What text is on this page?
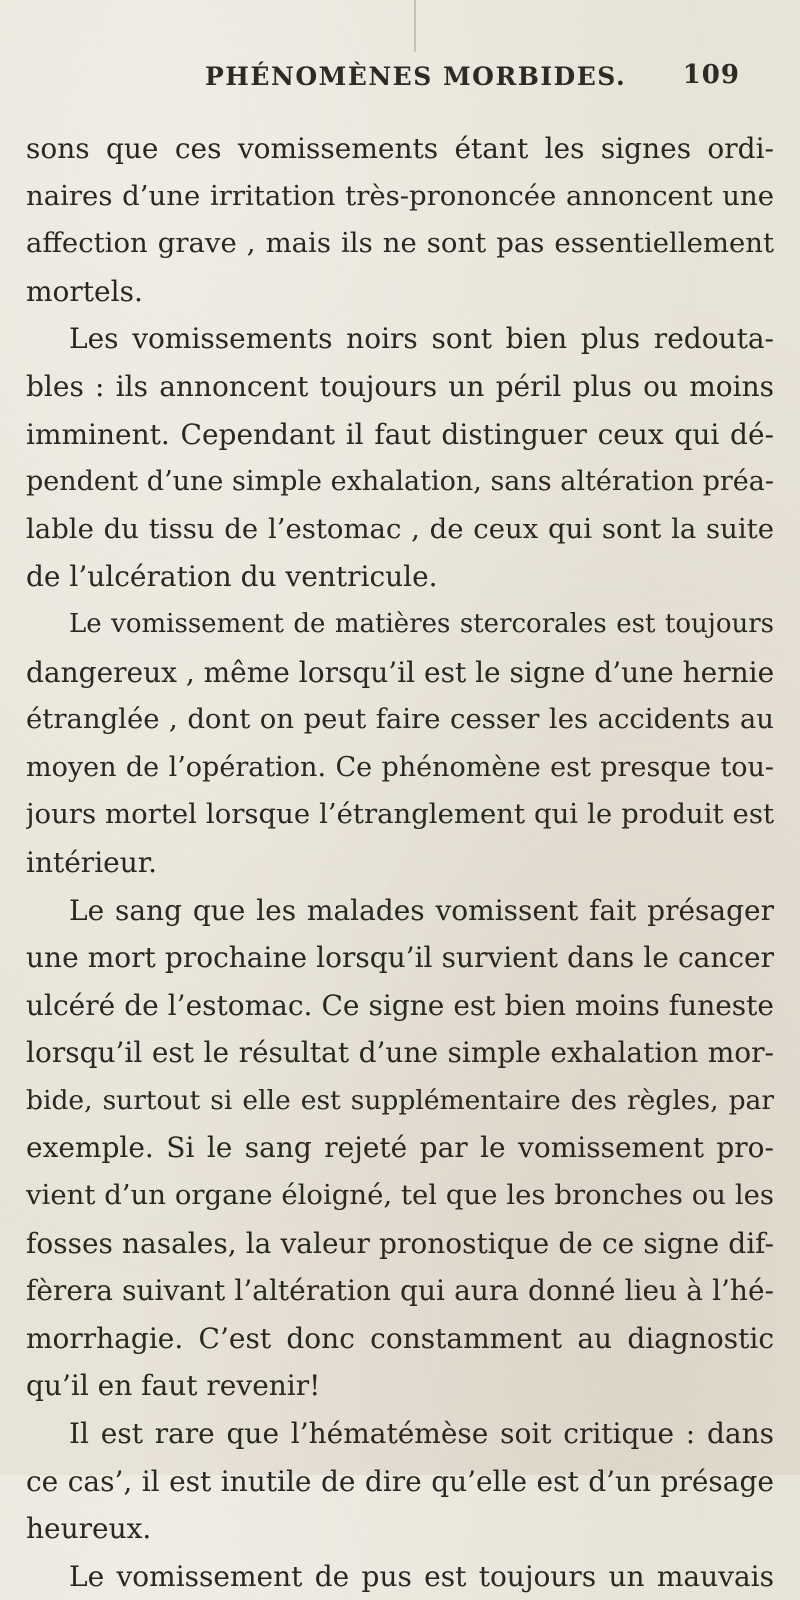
PHÉNOMÈNES MORBIDES. 109
sons que ces vomissements étant les signes ordi-
naires d’une irritation très-prononcée annoncent une
affection grave , mais ils ne sont pas essentiellement
mortels.
Les vomissements noirs sont bien plus redouta-
bles : ils annoncent toujours un péril plus ou moins
imminent. Cependant il faut distinguer ceux qui dé-
pendent d’une simple exhalation, sans altération préa-
lable du tissu de l’estomac , de ceux qui sont la suite
de l’ulcération du ventricule.
Le vomissement de matières stercorales est toujours
dangereux , même lorsqu’il est le signe d’une hernie
étranglée , dont on peut faire cesser les accidents au
moyen de l’opération. Ce phénomène est presque tou-
jours mortel lorsque l’étranglement qui le produit est
intérieur.
Le sang que les malades vomissent fait présager
une mort prochaine lorsqu’il survient dans le cancer
ulcéré de l’estomac. Ce signe est bien moins funeste
lorsqu’il est le résultat d’une simple exhalation mor-
bide, surtout si elle est supplémentaire des règles, par
exemple. Si le sang rejeté par le vomissement pro-
vient d’un organe éloigné, tel que les bronches ou les
fosses nasales, la valeur pronostique de ce signe dif-
fèrera suivant l’altération qui aura donné lieu à l’hé-
morrhagie. C’est donc constamment au diagnostic
qu’il en faut revenir!
Il est rare que l’hématémèse soit critique : dans
ce cas’, il est inutile de dire qu’elle est d’un présage
heureux.
Le vomissement de pus est toujours un mauvais
